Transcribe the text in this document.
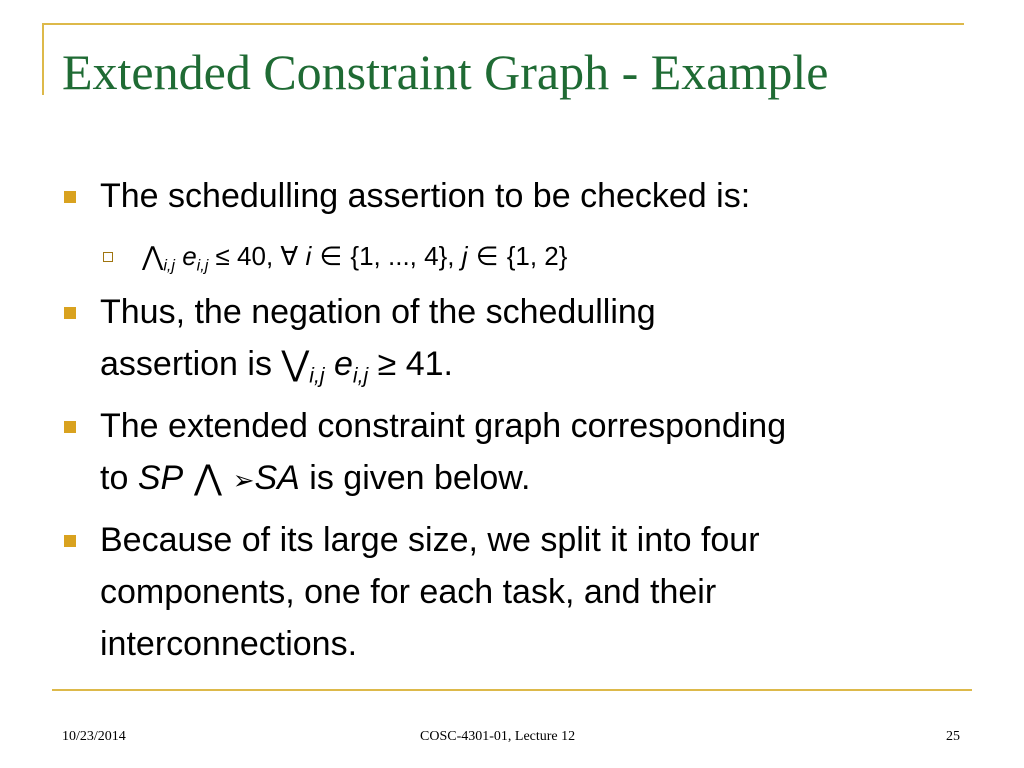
Extended Constraint Graph - Example
The schedulling assertion to be checked is:
$⋀_{i,j}$ $e_{i,j} \le 40$, ∀ i ∈ {1, ..., 4}, j ∈ {1, 2}
Thus, the negation of the schedulling
assertion is $⋁_{i,j}$ $e_{i,j} \ge 41$.
The extended constraint graph corresponding
to SP ⋀ ➢SA is given below.
Because of its large size, we split it into four
components, one for each task, and their
interconnections.
10/23/2014	COSC-4301-01, Lecture 12	25
